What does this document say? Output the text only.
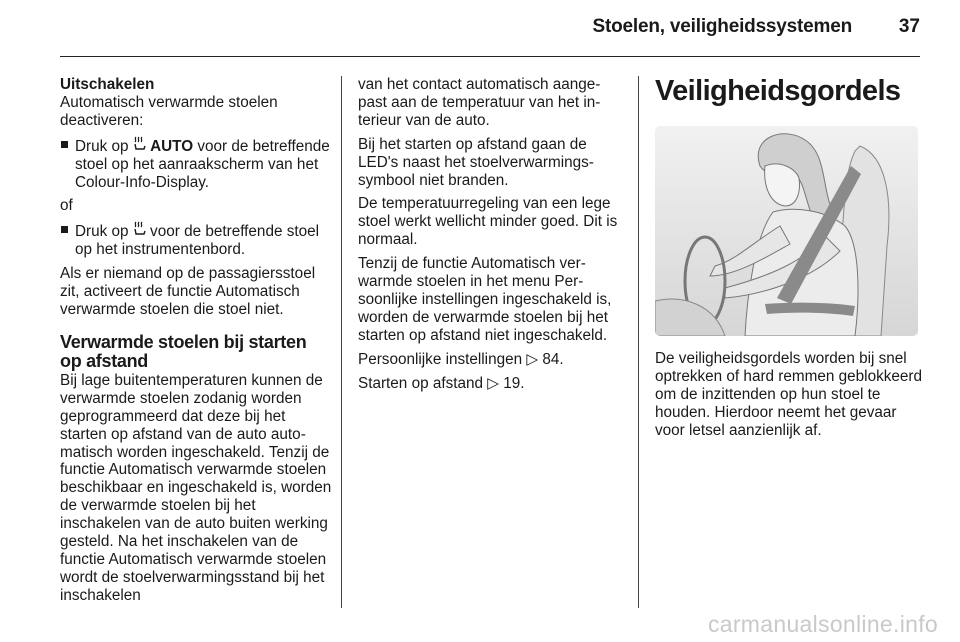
Stoelen, veiligheidssystemen 37

Uitschakelen

Automatisch verwarmde stoelen deactiveren:

Druk op  AUTO voor de betreffende stoel op het aanraakscherm van het Colour-Info-Display.

of

Druk op  voor de betreffende stoel op het instrumentenbord.

Als er niemand op de passagiersstoel zit, activeert de functie Automatisch verwarmde stoelen die stoel niet.

Verwarmde stoelen bij starten op afstand

Bij lage buitentemperaturen kunnen de verwarmde stoelen zodanig worden geprogrammeerd dat deze bij het starten op afstand van de auto automatisch worden ingeschakeld. Tenzij de functie Automatisch verwarmde stoelen beschikbaar en ingeschakeld is, worden de verwarmde stoelen bij het inschakelen van de auto buiten werking gesteld. Na het inschakelen van de functie Automatisch verwarmde stoelen wordt de stoelverwarmingsstand bij het inschakelen

van het contact automatisch aangepast aan de temperatuur van het interieur van de auto.

Bij het starten op afstand gaan de LED's naast het stoelverwarmingssymbool niet branden.

De temperatuurregeling van een lege stoel werkt wellicht minder goed. Dit is normaal.

Tenzij de functie Automatisch verwarmde stoelen in het menu Persoonlijke instellingen ingeschakeld is, worden de verwarmde stoelen bij het starten op afstand niet ingeschakeld.

Persoonlijke instellingen ▷ 84.

Starten op afstand ▷ 19.

Veiligheidsgordels

De veiligheidsgordels worden bij snel optrekken of hard remmen geblokkeerd om de inzittenden op hun stoel te houden. Hierdoor neemt het gevaar voor letsel aanzienlijk af.
carmanualsonline.info
